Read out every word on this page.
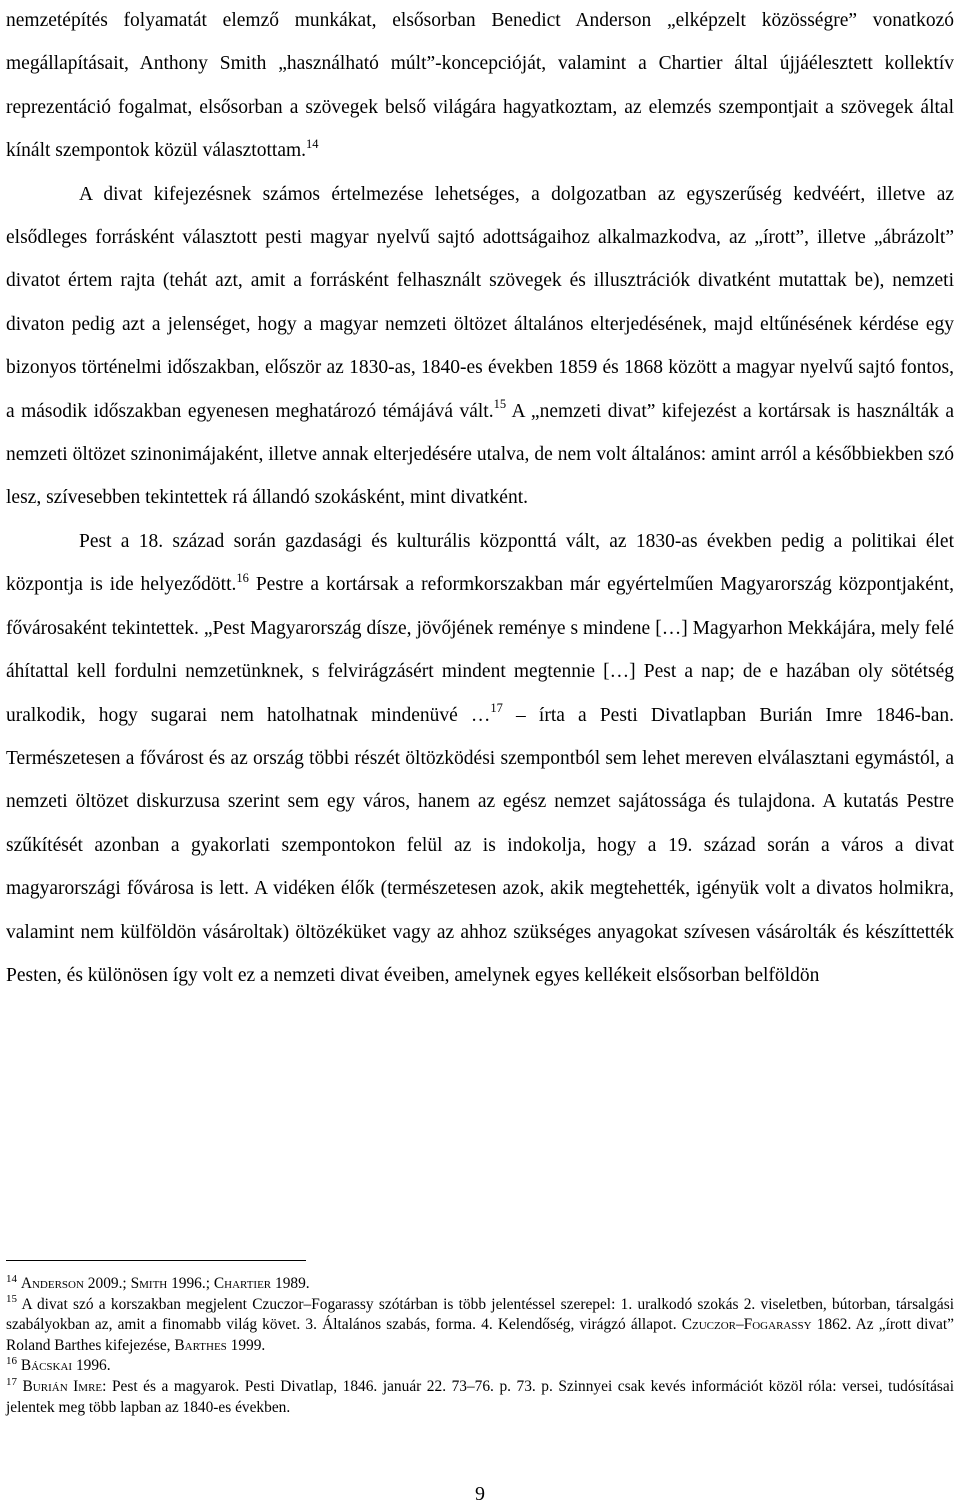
nemzetépítés folyamatát elemző munkákat, elsősorban Benedict Anderson „elképzelt közösségre” vonatkozó megállapításait, Anthony Smith „használható múlt”-koncepcióját, valamint a Chartier által újjáélesztett kollektív reprezentáció fogalmat, elsősorban a szövegek belső világára hagyatkoztam, az elemzés szempontjait a szövegek által kínált szempontok közül választottam.$^{14}$

A divat kifejezésnek számos értelmezése lehetséges, a dolgozatban az egyszerűség kedvéért, illetve az elsődleges forrásként választott pesti magyar nyelvű sajtó adottságaihoz alkalmazkodva, az „írott”, illetve „ábrázolt” divatot értem rajta (tehát azt, amit a forrásként felhasznált szövegek és illusztrációk divatként mutattak be), nemzeti divaton pedig azt a jelenséget, hogy a magyar nemzeti öltözet általános elterjedésének, majd eltűnésének kérdése egy bizonyos történelmi időszakban, először az 1830-as, 1840-es években 1859 és 1868 között a magyar nyelvű sajtó fontos, a második időszakban egyenesen meghatározó témájává vált.$^{15}$ A „nemzeti divat” kifejezést a kortársak is használták a nemzeti öltözet szinonimájaként, illetve annak elterjedésére utalva, de nem volt általános: amint arról a későbbiekben szó lesz, szívesebben tekintettek rá állandó szokásként, mint divatként.

Pest a 18. század során gazdasági és kulturális központtá vált, az 1830-as években pedig a politikai élet központja is ide helyeződött.$^{16}$ Pestre a kortársak a reformkorszakban már egyértelműen Magyarország központjaként, fővárosaként tekintettek. „Pest Magyarország dísze, jövőjének reménye s mindene […] Magyarhon Mekkájára, mely felé áhítattal kell fordulni nemzetünknek, s felvirágzásért mindent megtennie […] Pest a nap; de e hazában oly sötétség uralkodik, hogy sugarai nem hatolhatnak mindenüvé …$^{17}$ – írta a Pesti Divatlapban Burián Imre 1846-ban. Természetesen a fővárost és az ország többi részét öltözködési szempontból sem lehet mereven elválasztani egymástól, a nemzeti öltözet diskurzusa szerint sem egy város, hanem az egész nemzet sajátossága és tulajdona. A kutatás Pestre szűkítését azonban a gyakorlati szempontokon felül az is indokolja, hogy a 19. század során a város a divat magyarországi fővárosa is lett. A vidéken élők (természetesen azok, akik megtehették, igényük volt a divatos holmikra, valamint nem külföldön vásároltak) öltözéküket vagy az ahhoz szükséges anyagokat szívesen vásárolták és készíttették Pesten, és különösen így volt ez a nemzeti divat éveiben, amelynek egyes kellékeit elsősorban belföldön

$^{14}$ Anderson 2009.; Smith 1996.; Chartier 1989.

$^{15}$ A divat szó a korszakban megjelent Czuczor–Fogarassy szótárban is több jelentéssel szerepel: 1. uralkodó szokás 2. viseletben, bútorban, társalgási szabályokban az, amit a finomabb világ követ. 3. Általános szabás, forma. 4. Kelendőség, virágzó állapot. Czuczor–Fogarassy 1862. Az „írott divat” Roland Barthes kifejezése, Barthes 1999.

$^{16}$ Bácskai 1996.

$^{17}$ Burián Imre: Pest és a magyarok. Pesti Divatlap, 1846. január 22. 73–76. p. 73. p. Szinnyei csak kevés információt közöl róla: versei, tudósításai jelentek meg több lapban az 1840-es években.

9
